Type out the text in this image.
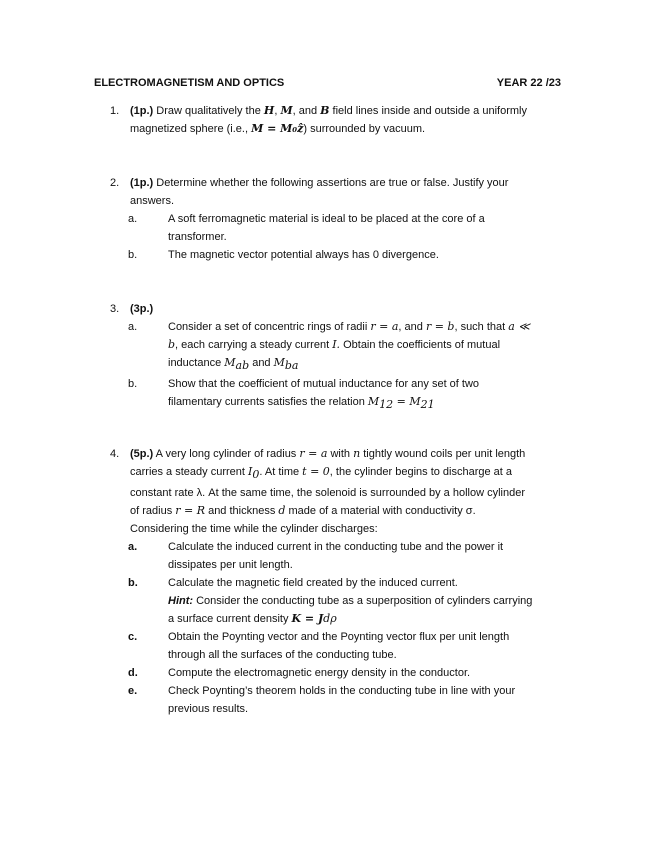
ELECTROMAGNETISM AND OPTICS	YEAR 22 /23
1. (1p.) Draw qualitatively the H, M, and B field lines inside and outside a uniformly
magnetized sphere (i.e., M = M₀ẑ) surrounded by vacuum.
2. (1p.) Determine whether the following assertions are true or false. Justify your
answers.
a.	A soft ferromagnetic material is ideal to be placed at the core of a
transformer.
b.	The magnetic vector potential always has 0 divergence.
3. (3p.)
a.	Consider a set of concentric rings of radii r = a, and r = b, such that a ≪
b, each carrying a steady current I. Obtain the coefficients of mutual
inductance $M_{ab}$ and $M_{ba}$
b.	Show that the coefficient of mutual inductance for any set of two
filamentary currents satisfies the relation $M_{12} = M_{21}$
4. (5p.) A very long cylinder of radius r = a with n tightly wound coils per unit length
carries a steady current $I_0$. At time t = 0, the cylinder begins to discharge at a
constant rate λ. At the same time, the solenoid is surrounded by a hollow cylinder
of radius r = R and thickness d made of a material with conductivity σ.
Considering the time while the cylinder discharges:
a.	Calculate the induced current in the conducting tube and the power it
dissipates per unit length.
b.	Calculate the magnetic field created by the induced current.
Hint: Consider the conducting tube as a superposition of cylinders carrying
a surface current density K = Jdρ
c.	Obtain the Poynting vector and the Poynting vector flux per unit length
through all the surfaces of the conducting tube.
d.	Compute the electromagnetic energy density in the conductor.
e.	Check Poynting’s theorem holds in the conducting tube in line with your
previous results.
